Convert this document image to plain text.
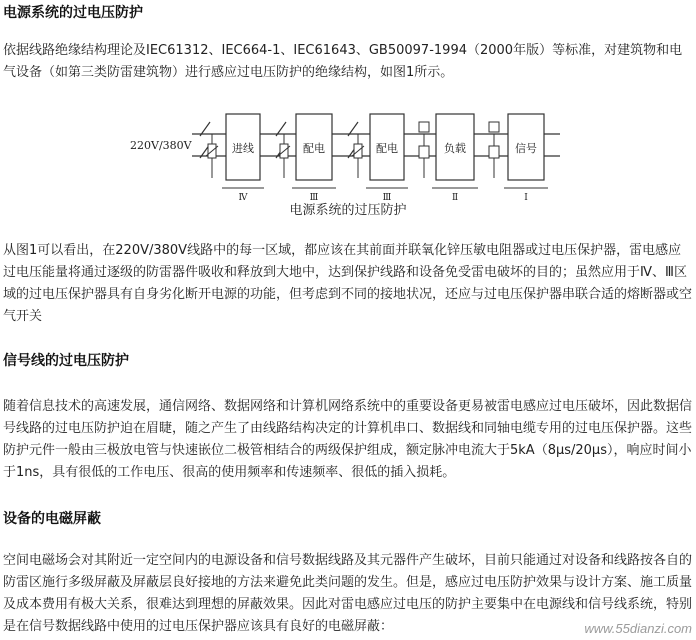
电源系统的过电压防护

依据线路绝缘结构理论及IEC61312、IEC664-1、IEC61643、GB50097-1994（2000年版）等标准，对建筑物和电气设备（如第三类防雷建筑物）进行感应过电压防护的绝缘结构，如图1所示。

220V/380V	进线
Ⅳ
配电
Ⅲ
配电
Ⅲ
负载
Ⅱ
信号
Ⅰ
电源系统的过压防护

从图1可以看出，在220V/380V线路中的每一区域，都应该在其前面并联氧化锌压敏电阻器或过电压保护器，雷电感应过电压能量将通过逐级的防雷器件吸收和释放到大地中，达到保护线路和设备免受雷电破坏的目的；虽然应用于Ⅳ、Ⅲ区域的过电压保护器具有自身劣化断开电源的功能，但考虑到不同的接地状况，还应与过电压保护器串联合适的熔断器或空气开关

信号线的过电压防护

随着信息技术的高速发展，通信网络、数据网络和计算机网络系统中的重要设备更易被雷电感应过电压破坏，因此数据信号线路的过电压防护迫在眉睫，随之产生了由线路结构决定的计算机串口、数据线和同轴电缆专用的过电压保护器。这些防护元件一般由三极放电管与快速嵌位二极管相结合的两级保护组成，额定脉冲电流大于5kA（8μs/20μs），响应时间小于1ns，具有很低的工作电压、很高的使用频率和传速频率、很低的插入损耗。

设备的电磁屏蔽

空间电磁场会对其附近一定空间内的电源设备和信号数据线路及其元器件产生破坏，目前只能通过对设备和线路按各自的防雷区施行多级屏蔽及屏蔽层良好接地的方法来避免此类问题的发生。但是，感应过电压防护效果与设计方案、施工质量及成本费用有极大关系，很难达到理想的屏蔽效果。因此对雷电感应过电压的防护主要集中在电源线和信号线系统，特别是在信号数据线路中使用的过电压保护器应该具有良好的电磁屏蔽：	www.55dianzi.com
